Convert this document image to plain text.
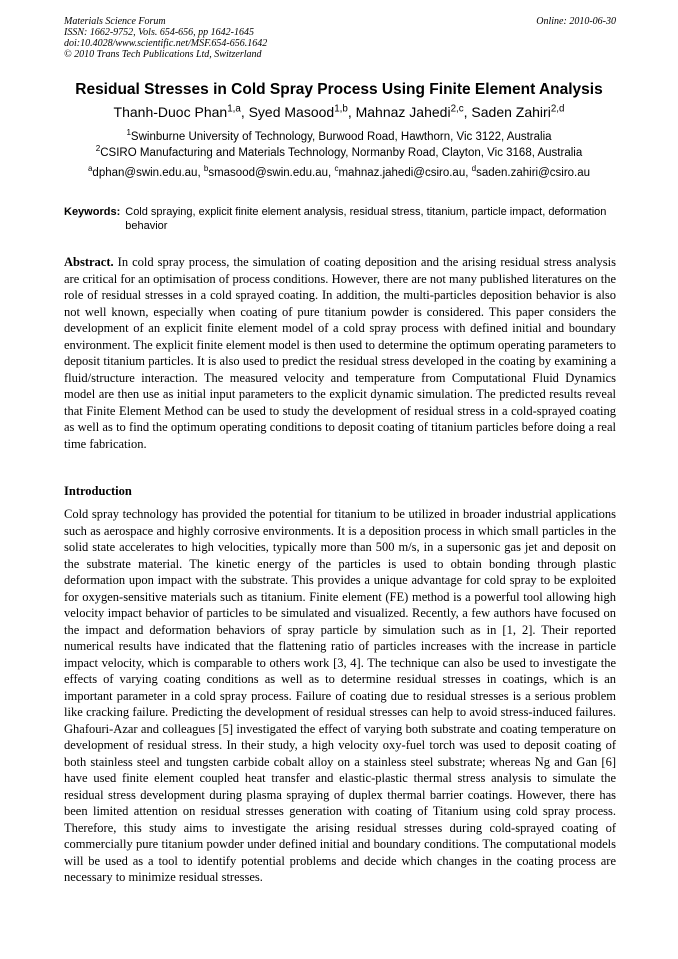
Materials Science Forum
ISSN: 1662-9752, Vols. 654-656, pp 1642-1645
doi:10.4028/www.scientific.net/MSF.654-656.1642
© 2010 Trans Tech Publications Ltd, Switzerland
Online: 2010-06-30
Residual Stresses in Cold Spray Process Using Finite Element Analysis
Thanh-Duoc Phan$^{1,a}$, Syed Masood$^{1,b}$, Mahnaz Jahedi$^{2,c}$, Saden Zahiri$^{2,d}$
$^1$Swinburne University of Technology, Burwood Road, Hawthorn, Vic 3122, Australia
$^2$CSIRO Manufacturing and Materials Technology, Normanby Road, Clayton, Vic 3168, Australia
$^a$dphan@swin.edu.au, $^b$smasood@swin.edu.au, $^c$mahnaz.jahedi@csiro.au, $^d$saden.zahiri@csiro.au
Keywords: Cold spraying, explicit finite element analysis, residual stress, titanium, particle impact, deformation behavior
Abstract. In cold spray process, the simulation of coating deposition and the arising residual stress analysis are critical for an optimisation of process conditions. However, there are not many published literatures on the role of residual stresses in a cold sprayed coating. In addition, the multi-particles deposition behavior is also not well known, especially when coating of pure titanium powder is considered. This paper considers the development of an explicit finite element model of a cold spray process with defined initial and boundary environment. The explicit finite element model is then used to determine the optimum operating parameters to deposit titanium particles. It is also used to predict the residual stress developed in the coating by examining a fluid/structure interaction. The measured velocity and temperature from Computational Fluid Dynamics model are then use as initial input parameters to the explicit dynamic simulation. The predicted results reveal that Finite Element Method can be used to study the development of residual stress in a cold-sprayed coating as well as to find the optimum operating conditions to deposit coating of titanium particles before doing a real time fabrication.
Introduction
Cold spray technology has provided the potential for titanium to be utilized in broader industrial applications such as aerospace and highly corrosive environments. It is a deposition process in which small particles in the solid state accelerates to high velocities, typically more than 500 m/s, in a supersonic gas jet and deposit on the substrate material. The kinetic energy of the particles is used to obtain bonding through plastic deformation upon impact with the substrate. This provides a unique advantage for cold spray to be exploited for oxygen-sensitive materials such as titanium. Finite element (FE) method is a powerful tool allowing high velocity impact behavior of particles to be simulated and visualized. Recently, a few authors have focused on the impact and deformation behaviors of spray particle by simulation such as in [1, 2]. Their reported numerical results have indicated that the flattening ratio of particles increases with the increase in particle impact velocity, which is comparable to others work [3, 4]. The technique can also be used to investigate the effects of varying coating conditions as well as to determine residual stresses in coatings, which is an important parameter in a cold spray process. Failure of coating due to residual stresses is a serious problem like cracking failure. Predicting the development of residual stresses can help to avoid stress-induced failures. Ghafouri-Azar and colleagues [5] investigated the effect of varying both substrate and coating temperature on development of residual stress. In their study, a high velocity oxy-fuel torch was used to deposit coating of both stainless steel and tungsten carbide cobalt alloy on a stainless steel substrate; whereas Ng and Gan [6] have used finite element coupled heat transfer and elastic-plastic thermal stress analysis to simulate the residual stress development during plasma spraying of duplex thermal barrier coatings. However, there has been limited attention on residual stresses generation with coating of Titanium using cold spray process. Therefore, this study aims to investigate the arising residual stresses during cold-sprayed coating of commercially pure titanium powder under defined initial and boundary conditions. The computational models will be used as a tool to identify potential problems and decide which changes in the coating process are necessary to minimize residual stresses.
